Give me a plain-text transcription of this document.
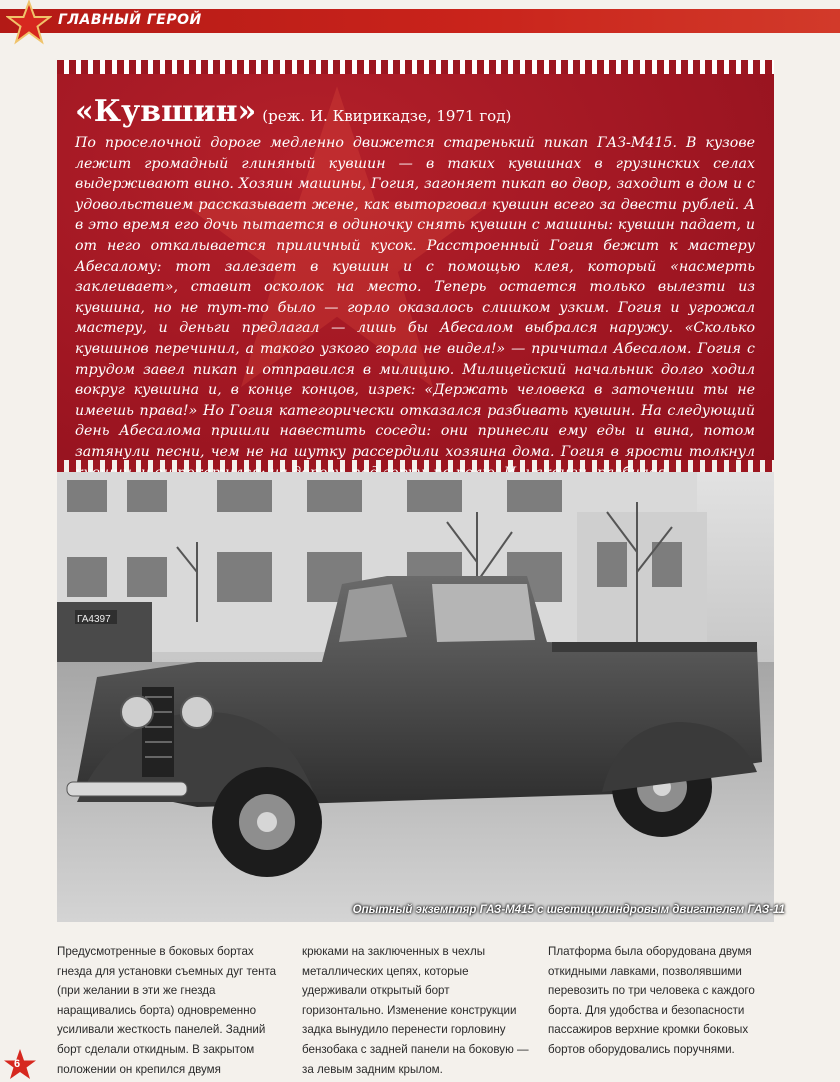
ГЛАВНЫЙ ГЕРОЙ
«Кувшин» (реж. И. Квирикадзе, 1971 год)
По проселочной дороге медленно движется старенький пикап ГАЗ-М415. В кузове лежит громадный глиняный кувшин — в таких кувшинах в грузинских селах выдерживают вино. Хозяин машины, Гогия, загоняет пикап во двор, заходит в дом и с удовольствием рассказывает жене, как выторговал кувшин всего за двести рублей. А в это время его дочь пытается в одиночку снять кувшин с машины: кувшин падает, и от него откалывается приличный кусок. Расстроенный Гогия бежит к мастеру Абесалому: тот залезает в кувшин и с помощью клея, который «насмерть заклеивает», ставит осколок на место. Теперь остается только вылезти из кувшина, но не тут-то было — горло оказалось слишком узким. Гогия и угрожал мастеру, и деньги предлагал — лишь бы Абесалом выбрался наружу. «Сколько кувшинов перечинил, а такого узкого горла не видел!» — причитал Абесалом. Гогия с трудом завел пикап и отправился в милицию. Милицейский начальник долго ходил вокруг кувшина и, в конце концов, изрек: «Держать человека в заточении ты не имеешь права!» Но Гогия категорически отказался разбивать кувшин. На следующий день Абесалома пришли навестить соседи: они принесли ему еды и вина, потом затянули песни, чем не на шутку рассердили хозяина дома. Гогия в ярости толкнул
ГА4397
Опытный экземпляр ГАЗ-М415 с шестицилиндровым двигателем ГАЗ-11
Предусмотренные в боковых бортах гнезда для установки съемных дуг тента (при желании в эти же гнезда наращивались борта) одновременно усиливали жесткость панелей. Задний борт сделали откидным. В закрытом положении он крепился двумя
крюками на заключенных в чехлы металлических цепях, которые удерживали открытый борт горизонтально. Изменение конструкции задка вынудило перенести горловину бензобака с задней панели на боковую — за левым задним крылом.
Платформа была оборудована двумя откидными лавками, позволявшими перевозить по три человека с каждого борта. Для удобства и безопасности пассажиров верхние кромки боковых бортов оборудовались поручнями.
6
